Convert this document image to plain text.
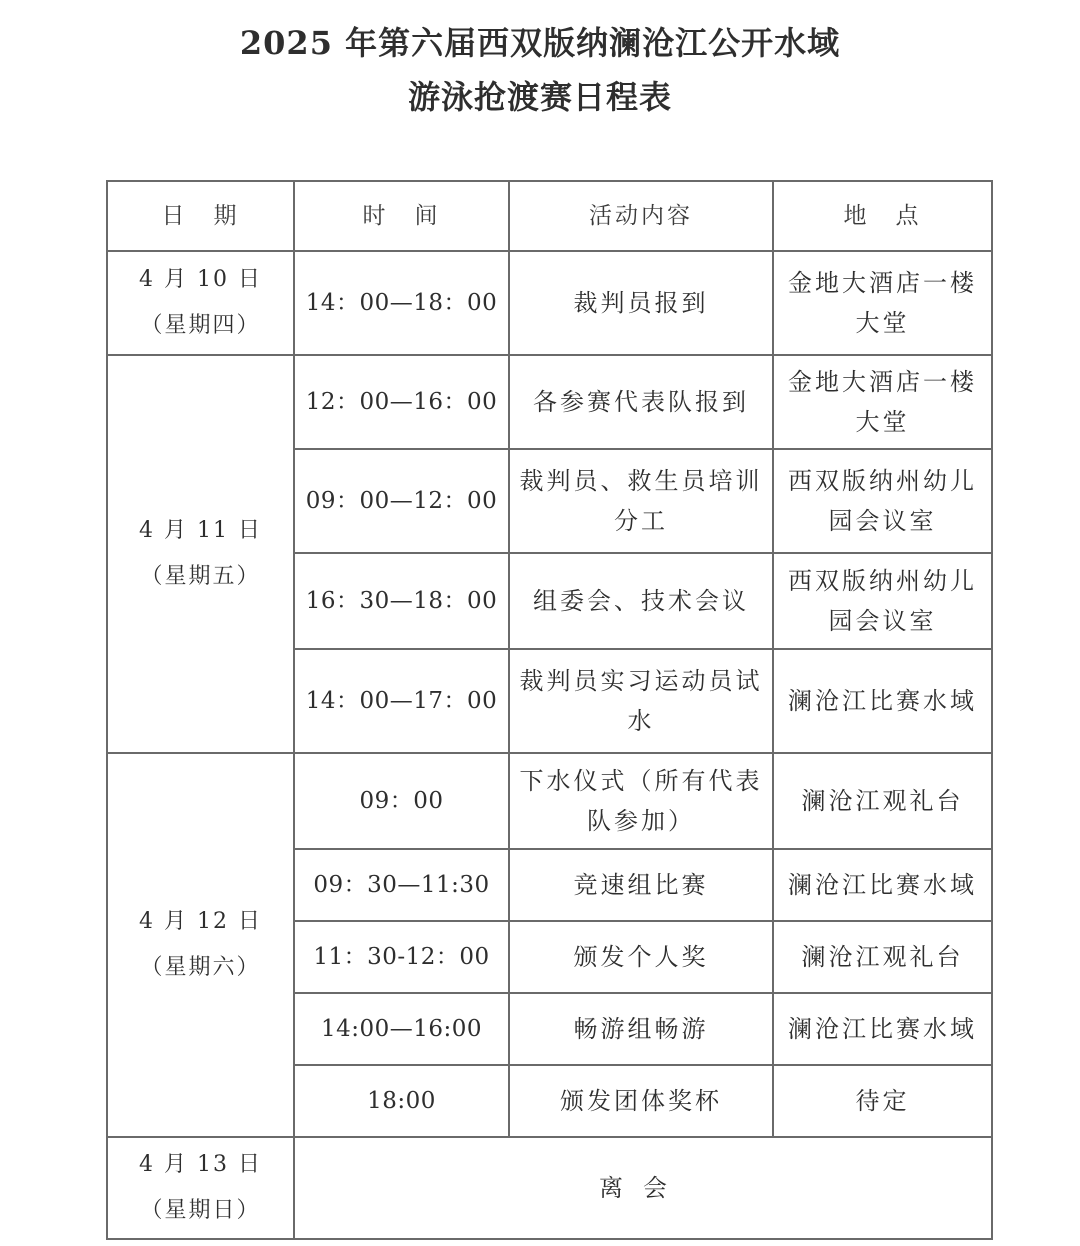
2025 年第六届西双版纳澜沧江公开水域
游泳抢渡赛日程表
日　期	时　间	活动内容	地　点

4 月 10 日
（星期四）	14：00—18：00	裁判员报到	金地大酒店一楼大堂

4 月 11 日
（星期五）	12：00—16：00	各参赛代表队报到	金地大酒店一楼大堂
	09：00—12：00	裁判员、救生员培训分工	西双版纳州幼儿园会议室
	16：30—18：00	组委会、技术会议	西双版纳州幼儿园会议室
	14：00—17：00	裁判员实习运动员试水	澜沧江比赛水域

4 月 12 日
（星期六）	09：00	下水仪式（所有代表队参加）	澜沧江观礼台
	09：30—11:30	竞速组比赛	澜沧江比赛水域
	11：30-12：00	颁发个人奖	澜沧江观礼台
	14:00—16:00	畅游组畅游	澜沧江比赛水域
	18:00	颁发团体奖杯	待定

4 月 13 日
（星期日）	离会		
